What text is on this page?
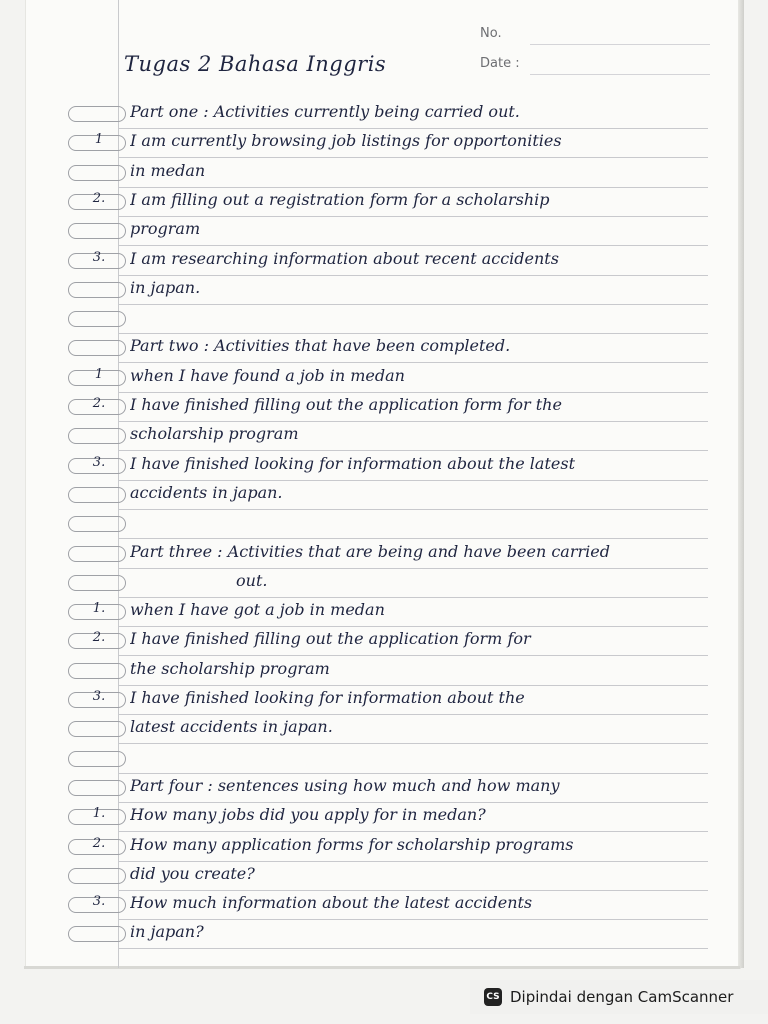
No.
Date :
Tugas 2 Bahasa Inggris
Part one : Activities currently being carried out.
1	I am currently browsing job listings for opportonities
in medan
2.	I am filling out a registration form for a scholarship
program
3.	I am researching information about recent accidents
in japan.
Part two : Activities that have been completed.
1	when I have found a job in medan
2.	I have finished filling out the application form for the
scholarship program
3.	I have finished looking for information about the latest
accidents in japan.
Part three : Activities that are being and have been carried
out.
1.	when I have got a job in medan
2.	I have finished filling out the application form for
the scholarship program
3.	I have finished looking for information about the
latest accidents in japan.
Part four : sentences using how much and how many
1.	How many jobs did you apply for in medan?
2.	How many application forms for scholarship programs
did you create?
3.	How much information about the latest accidents
in japan?
CS Dipindai dengan CamScanner
